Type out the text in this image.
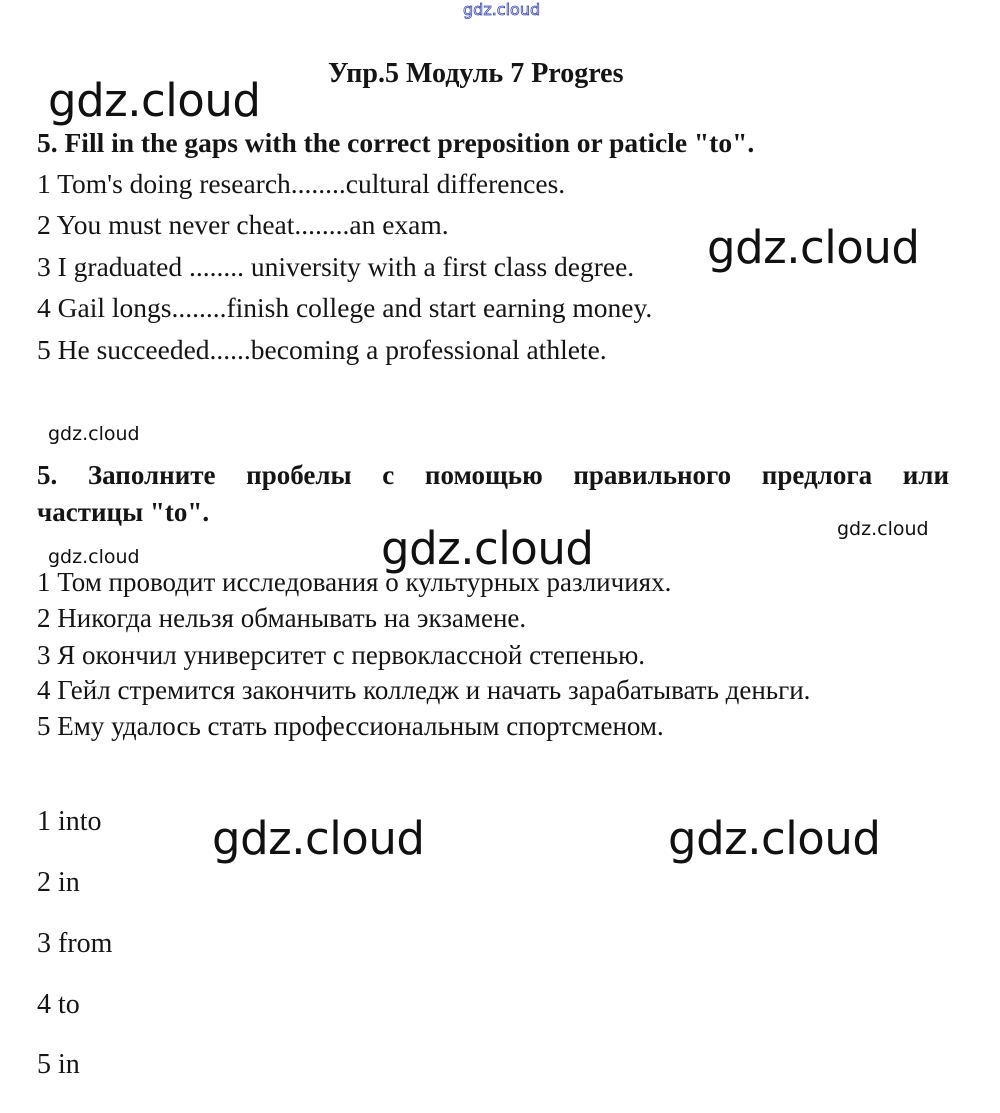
gdz.cloud
gdz.cloud
gdz.cloud
gdz.cloud
gdz.cloud	gdz.cloud
gdz.cloud
gdz.cloud	gdz.cloud
Упр.5 Модуль 7 Progres
5. Fill in the gaps with the correct preposition or paticle "to".
1 Tom's doing research........cultural differences.
2 You must never cheat........an exam.
3 I graduated ........ university with a first class degree.
4 Gail longs........finish college and start earning money.
5 He succeeded......becoming a professional athlete.
5. Заполните пробелы с помощью правильного предлога или
частицы "to".
1 Том проводит исследования о культурных различиях.
2 Никогда нельзя обманывать на экзамене.
3 Я окончил университет с первоклассной степенью.
4 Гейл стремится закончить колледж и начать зарабатывать деньги.
5 Ему удалось стать профессиональным спортсменом.
1 into
2 in
3 from
4 to
5 in
